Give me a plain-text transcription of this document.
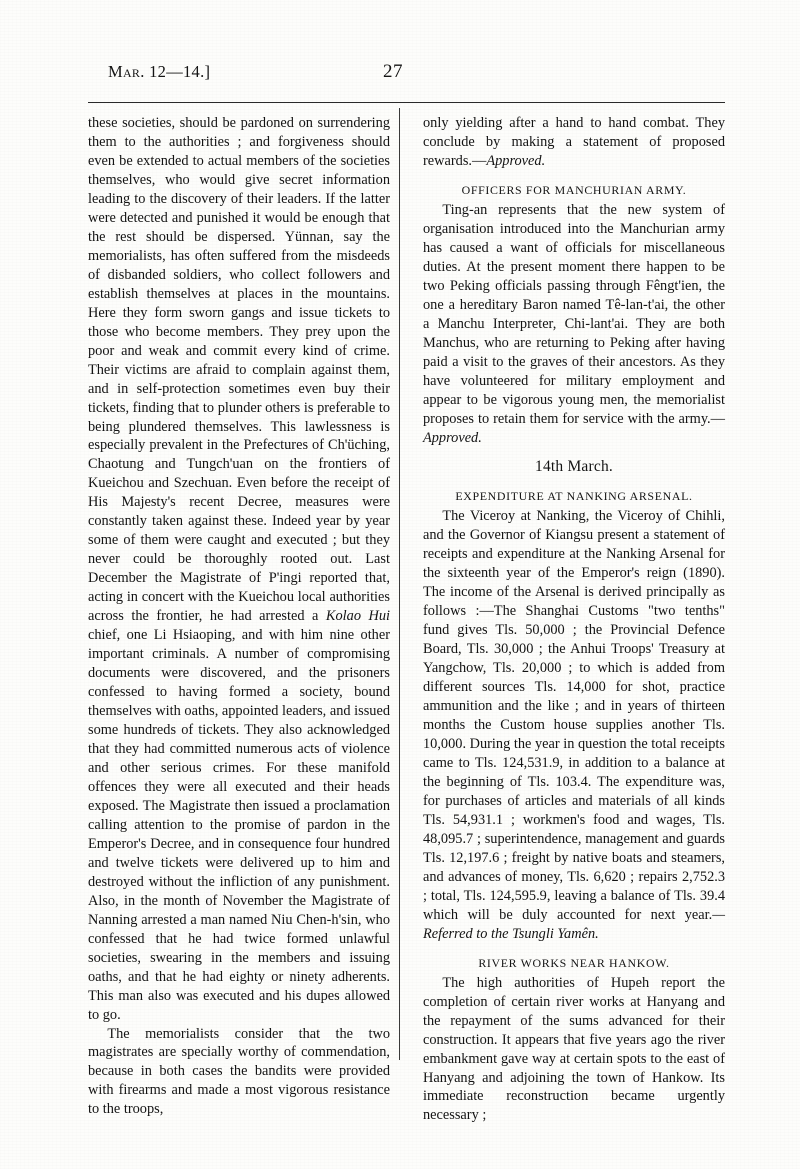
Mar. 12—14.]	27

these societies, should be pardoned on surrendering them to the authorities ; and forgiveness should even be extended to actual members of the societies themselves, who would give secret information leading to the discovery of their leaders. If the latter were detected and punished it would be enough that the rest should be dispersed. Yünnan, say the memorialists, has often suffered from the misdeeds of disbanded soldiers, who collect followers and establish themselves at places in the mountains. Here they form sworn gangs and issue tickets to those who become members. They prey upon the poor and weak and commit every kind of crime. Their victims are afraid to complain against them, and in self-protection sometimes even buy their tickets, finding that to plunder others is preferable to being plundered themselves. This lawlessness is especially prevalent in the Prefectures of Ch'üching, Chaotung and Tungch'uan on the frontiers of Kueichou and Szechuan. Even before the receipt of His Majesty's recent Decree, measures were constantly taken against these. Indeed year by year some of them were caught and executed ; but they never could be thoroughly rooted out. Last December the Magistrate of P'ingi reported that, acting in concert with the Kueichou local authorities across the frontier, he had arrested a Kolao Hui chief, one Li Hsiaoping, and with him nine other important criminals. A number of compromising documents were discovered, and the prisoners confessed to having formed a society, bound themselves with oaths, appointed leaders, and issued some hundreds of tickets. They also acknowledged that they had committed numerous acts of violence and other serious crimes. For these manifold offences they were all executed and their heads exposed. The Magistrate then issued a proclamation calling attention to the promise of pardon in the Emperor's Decree, and in consequence four hundred and twelve tickets were delivered up to him and destroyed without the infliction of any punishment. Also, in the month of November the Magistrate of Nanning arrested a man named Niu Chen-h'sin, who confessed that he had twice formed unlawful societies, swearing in the members and issuing oaths, and that he had eighty or ninety adherents. This man also was executed and his dupes allowed to go.

The memorialists consider that the two magistrates are specially worthy of commendation, because in both cases the bandits were provided with firearms and made a most vigorous resistance to the troops,

only yielding after a hand to hand combat. They conclude by making a statement of proposed rewards.—Approved.

OFFICERS FOR MANCHURIAN ARMY.

Ting-an represents that the new system of organisation introduced into the Manchurian army has caused a want of officials for miscellaneous duties. At the present moment there happen to be two Peking officials passing through Fêngt'ien, the one a hereditary Baron named Tê-lan-t'ai, the other a Manchu Interpreter, Chi-lant'ai. They are both Manchus, who are returning to Peking after having paid a visit to the graves of their ancestors. As they have volunteered for military employment and appear to be vigorous young men, the memorialist proposes to retain them for service with the army.—Approved.

14th March.
EXPENDITURE AT NANKING ARSENAL.

The Viceroy at Nanking, the Viceroy of Chihli, and the Governor of Kiangsu present a statement of receipts and expenditure at the Nanking Arsenal for the sixteenth year of the Emperor's reign (1890). The income of the Arsenal is derived principally as follows :—The Shanghai Customs "two tenths" fund gives Tls. 50,000 ; the Provincial Defence Board, Tls. 30,000 ; the Anhui Troops' Treasury at Yangchow, Tls. 20,000 ; to which is added from different sources Tls. 14,000 for shot, practice ammunition and the like ; and in years of thirteen months the Custom house supplies another Tls. 10,000. During the year in question the total receipts came to Tls. 124,531.9, in addition to a balance at the beginning of Tls. 103.4. The expenditure was, for purchases of articles and materials of all kinds Tls. 54,931.1 ; workmen's food and wages, Tls. 48,095.7 ; superintendence, management and guards Tls. 12,197.6 ; freight by native boats and steamers, and advances of money, Tls. 6,620 ; repairs 2,752.3 ; total, Tls. 124,595.9, leaving a balance of Tls. 39.4 which will be duly accounted for next year.—Referred to the Tsungli Yamên.

RIVER WORKS NEAR HANKOW.

The high authorities of Hupeh report the completion of certain river works at Hanyang and the repayment of the sums advanced for their construction. It appears that five years ago the river embankment gave way at certain spots to the east of Hanyang and adjoining the town of Hankow. Its immediate reconstruction became urgently necessary ;
